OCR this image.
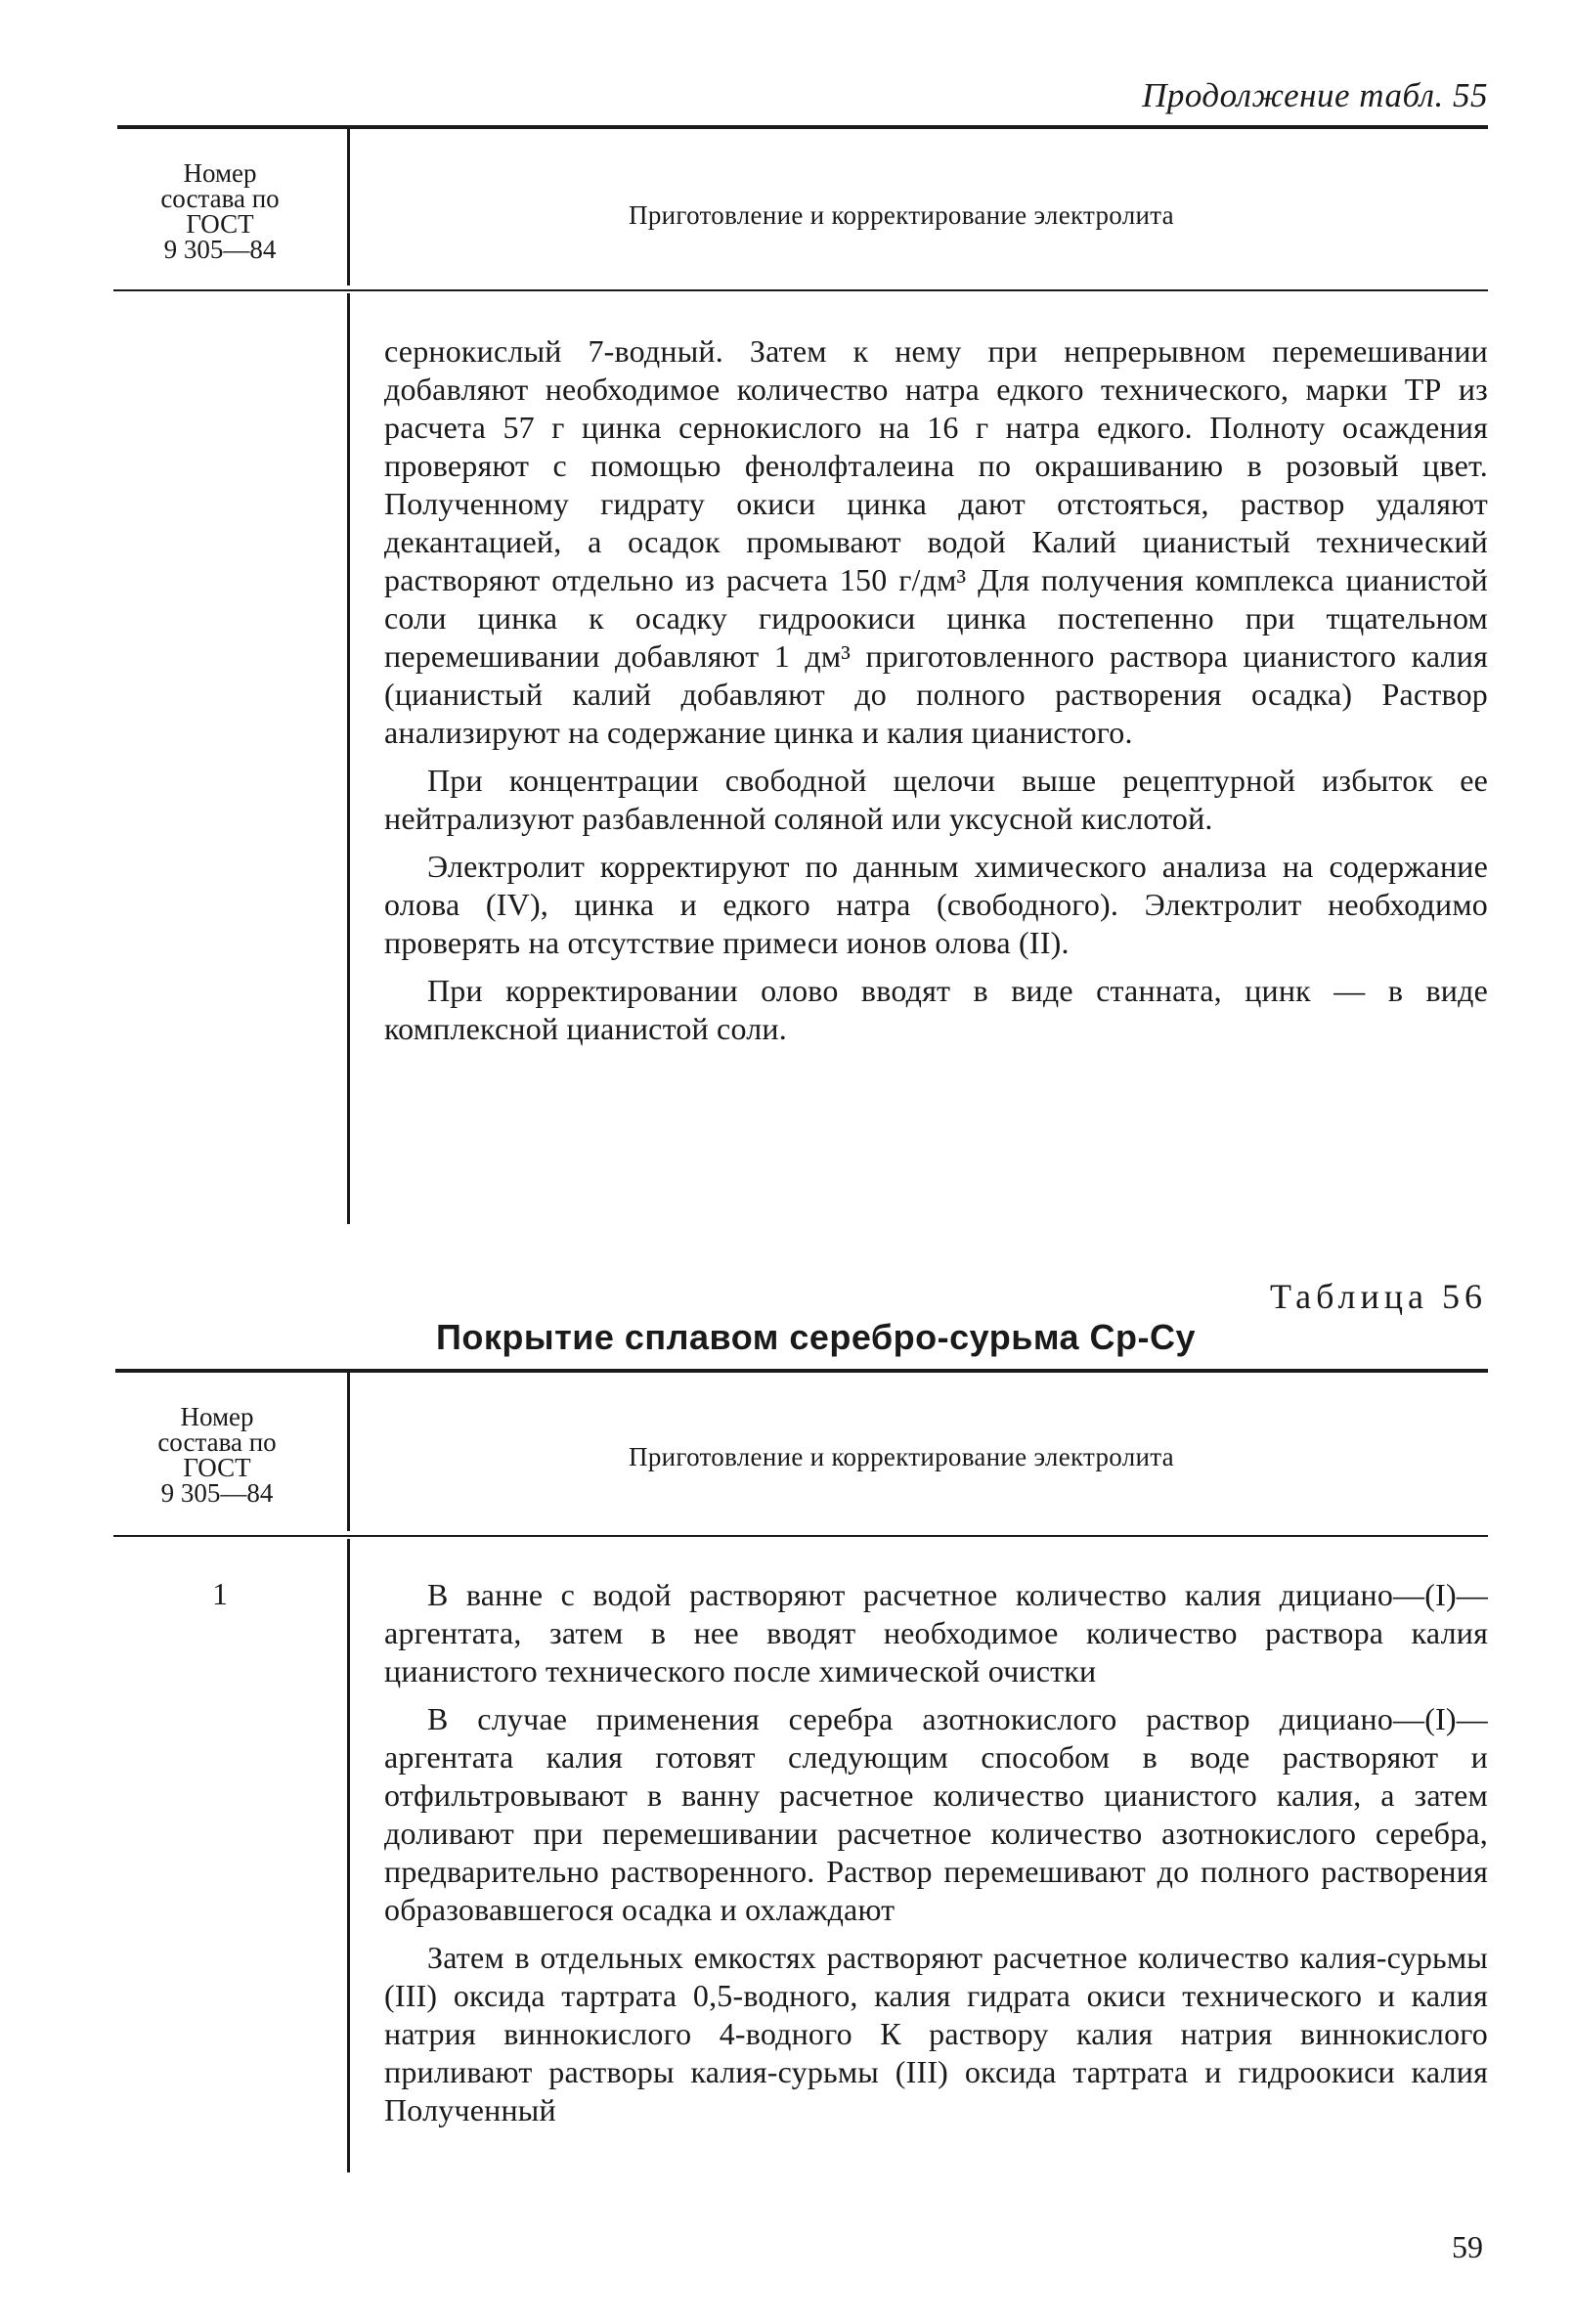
Продолжение табл. 55
Номер
состава по
ГОСТ
9 305—84
Приготовление и корректирование электролита

сернокислый 7-водный. Затем к нему при непрерывном перемешивании добавляют необходимое количество натра едкого технического, марки ТР из расчета 57 г цинка сернокислого на 16 г натра едкого. Полноту осаждения проверяют с помощью фенолфталеина по окрашиванию в розовый цвет. Полученному гидрату окиси цинка дают отстояться, раствор удаляют декантацией, а осадок промывают водой Калий цианистый технический растворяют отдельно из расчета 150 г/дм³ Для получения комплекса цианистой соли цинка к осадку гидроокиси цинка постепенно при тщательном перемешивании добавляют 1 дм³ приготовленного раствора цианистого калия (цианистый калий добавляют до полного растворения осадка) Раствор анализируют на содержание цинка и калия цианистого.

При концентрации свободной щелочи выше рецептурной избыток ее нейтрализуют разбавленной соляной или уксусной кислотой.

Электролит корректируют по данным химического анализа на содержание олова (IV), цинка и едкого натра (свободного). Электролит необходимо проверять на отсутствие примеси ионов олова (II).

При корректировании олово вводят в виде станната, цинк — в виде комплексной цианистой соли.

Таблица 56
Покрытие сплавом серебро-сурьма Ср-Су
Номер
состава по
ГОСТ
9 305—84
Приготовление и корректирование электролита
1	В ванне с водой растворяют расчетное количество калия дициано—(I)—аргентата, затем в нее вводят необходимое количество раствора калия цианистого технического после химической очистки

В случае применения серебра азотнокислого раствор дициано—(I)—аргентата калия готовят следующим способом в воде растворяют и отфильтровывают в ванну расчетное количество цианистого калия, а затем доливают при перемешивании расчетное количество азотнокислого серебра, предварительно растворенного. Раствор перемешивают до полного растворения образовавшегося осадка и охлаждают

Затем в отдельных емкостях растворяют расчетное количество калия-сурьмы (III) оксида тартрата 0,5-водного, калия гидрата окиси технического и калия натрия виннокислого 4-водного К раствору калия натрия виннокислого приливают растворы калия-сурьмы (III) оксида тартрата и гидроокиси калия Полученный

59
